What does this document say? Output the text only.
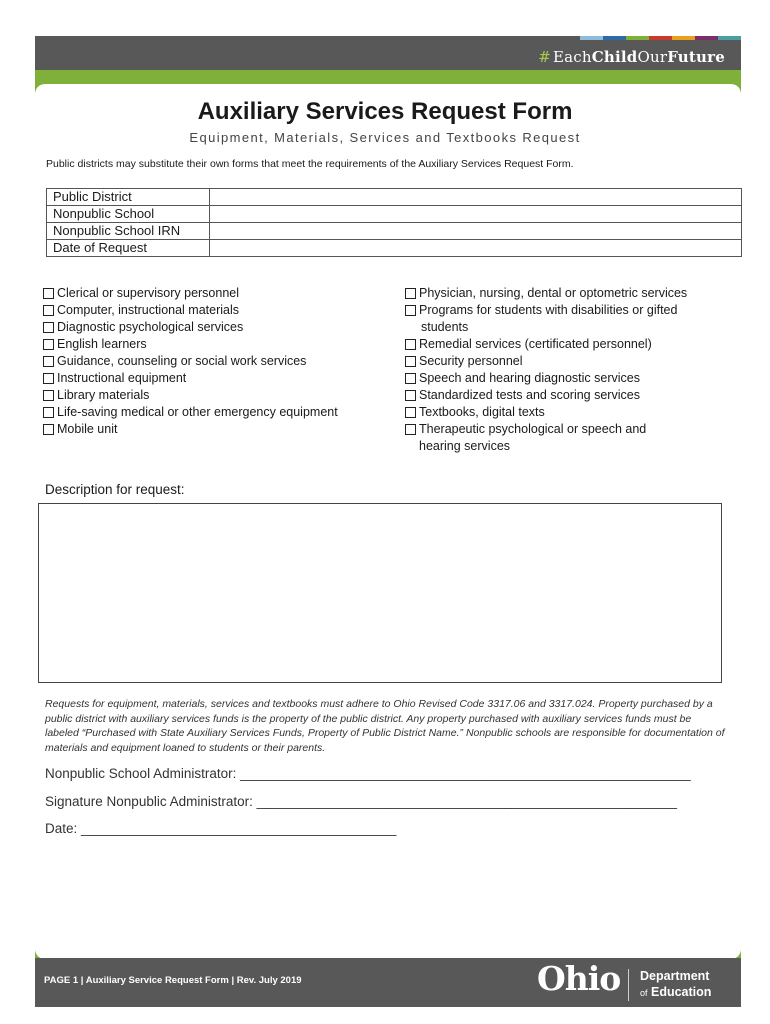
# EachChildOurFuture
Auxiliary Services Request Form
Equipment, Materials, Services and Textbooks Request
Public districts may substitute their own forms that meet the requirements of the Auxiliary Services Request Form.
Public District	
Nonpublic School	
Nonpublic School IRN	
Date of Request	
Clerical or supervisory personnel
Computer, instructional materials
Diagnostic psychological services
English learners
Guidance, counseling or social work services
Instructional equipment
Library materials
Life-saving medical or other emergency equipment
Mobile unit
Physician, nursing, dental or optometric services
Programs for students with disabilities or gifted
students
Remedial services (certificated personnel)
Security personnel
Speech and hearing diagnostic services
Standardized tests and scoring services
Textbooks, digital texts
Therapeutic psychological or speech and
hearing services
Description for request:
Requests for equipment, materials, services and textbooks must adhere to Ohio Revised Code 3317.06 and 3317.024. Property purchased by a public district with auxiliary services funds is the property of the public district. Any property purchased with auxiliary services funds must be labeled “Purchased with State Auxiliary Services Funds, Property of Public District Name.” Nonpublic schools are responsible for documentation of materials and equipment loaned to students or their parents.
Nonpublic School Administrator: ____________________________________________________________
Signature Nonpublic Administrator: ________________________________________________________
Date: __________________________________________
PAGE 1 | Auxiliary Service Request Form | Rev. July 2019	Ohio Department
of Education
